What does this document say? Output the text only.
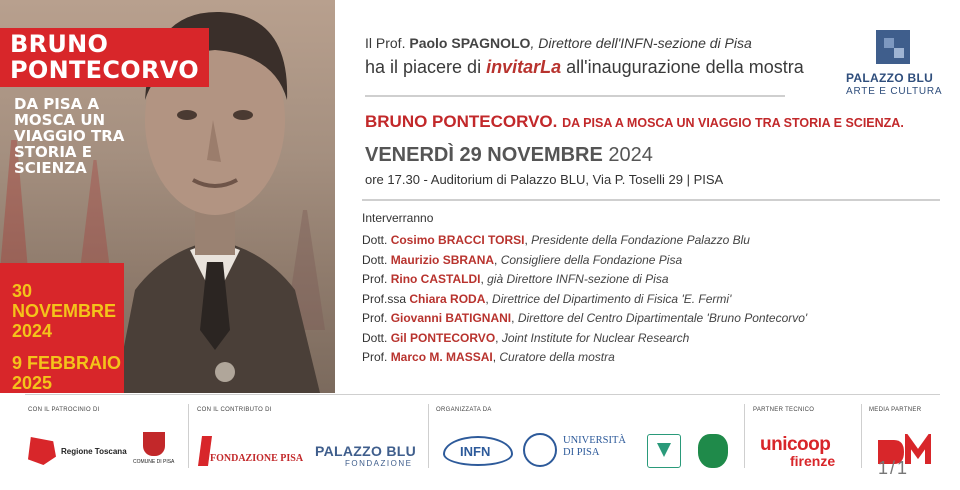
BRUNO
PONTECORVO
DA PISA A MOSCA UN VIAGGIO TRA STORIA E SCIENZA
30 NOVEMBRE
2024
9 FEBBRAIO
2025
Il Prof. Paolo SPAGNOLO, Direttore dell'INFN-sezione di Pisa
ha il piacere di invitarLa all'inaugurazione della mostra
PALAZZO BLU
ARTE E CULTURA
BRUNO PONTECORVO. DA PISA A MOSCA UN VIAGGIO TRA STORIA E SCIENZA.
VENERDÌ 29 NOVEMBRE 2024
ore 17.30 - Auditorium di Palazzo BLU, Via P. Toselli 29 | PISA
Interverranno
Dott. Cosimo BRACCI TORSI, Presidente della Fondazione Palazzo Blu
Dott. Maurizio SBRANA, Consigliere della Fondazione Pisa
Prof. Rino CASTALDI, già Direttore INFN-sezione di Pisa
Prof.ssa Chiara RODA, Direttrice del Dipartimento di Fisica 'E. Fermi'
Prof. Giovanni BATIGNANI, Direttore del Centro Dipartimentale 'Bruno Pontecorvo'
Dott. Gil PONTECORVO, Joint Institute for Nuclear Research
Prof. Marco M. MASSAI, Curatore della mostra
CON IL PATROCINIO DI	CON IL CONTRIBUTO DI	ORGANIZZATA DA	PARTNER TECNICO	MEDIA PARTNER
Regione Toscana
COMUNE DI PISA	FONDAZIONE PISA PALAZZO BLU
FONDAZIONE
INFN
UNIVERSITÀ
DI PISA	unicoop
firenze 1/1
